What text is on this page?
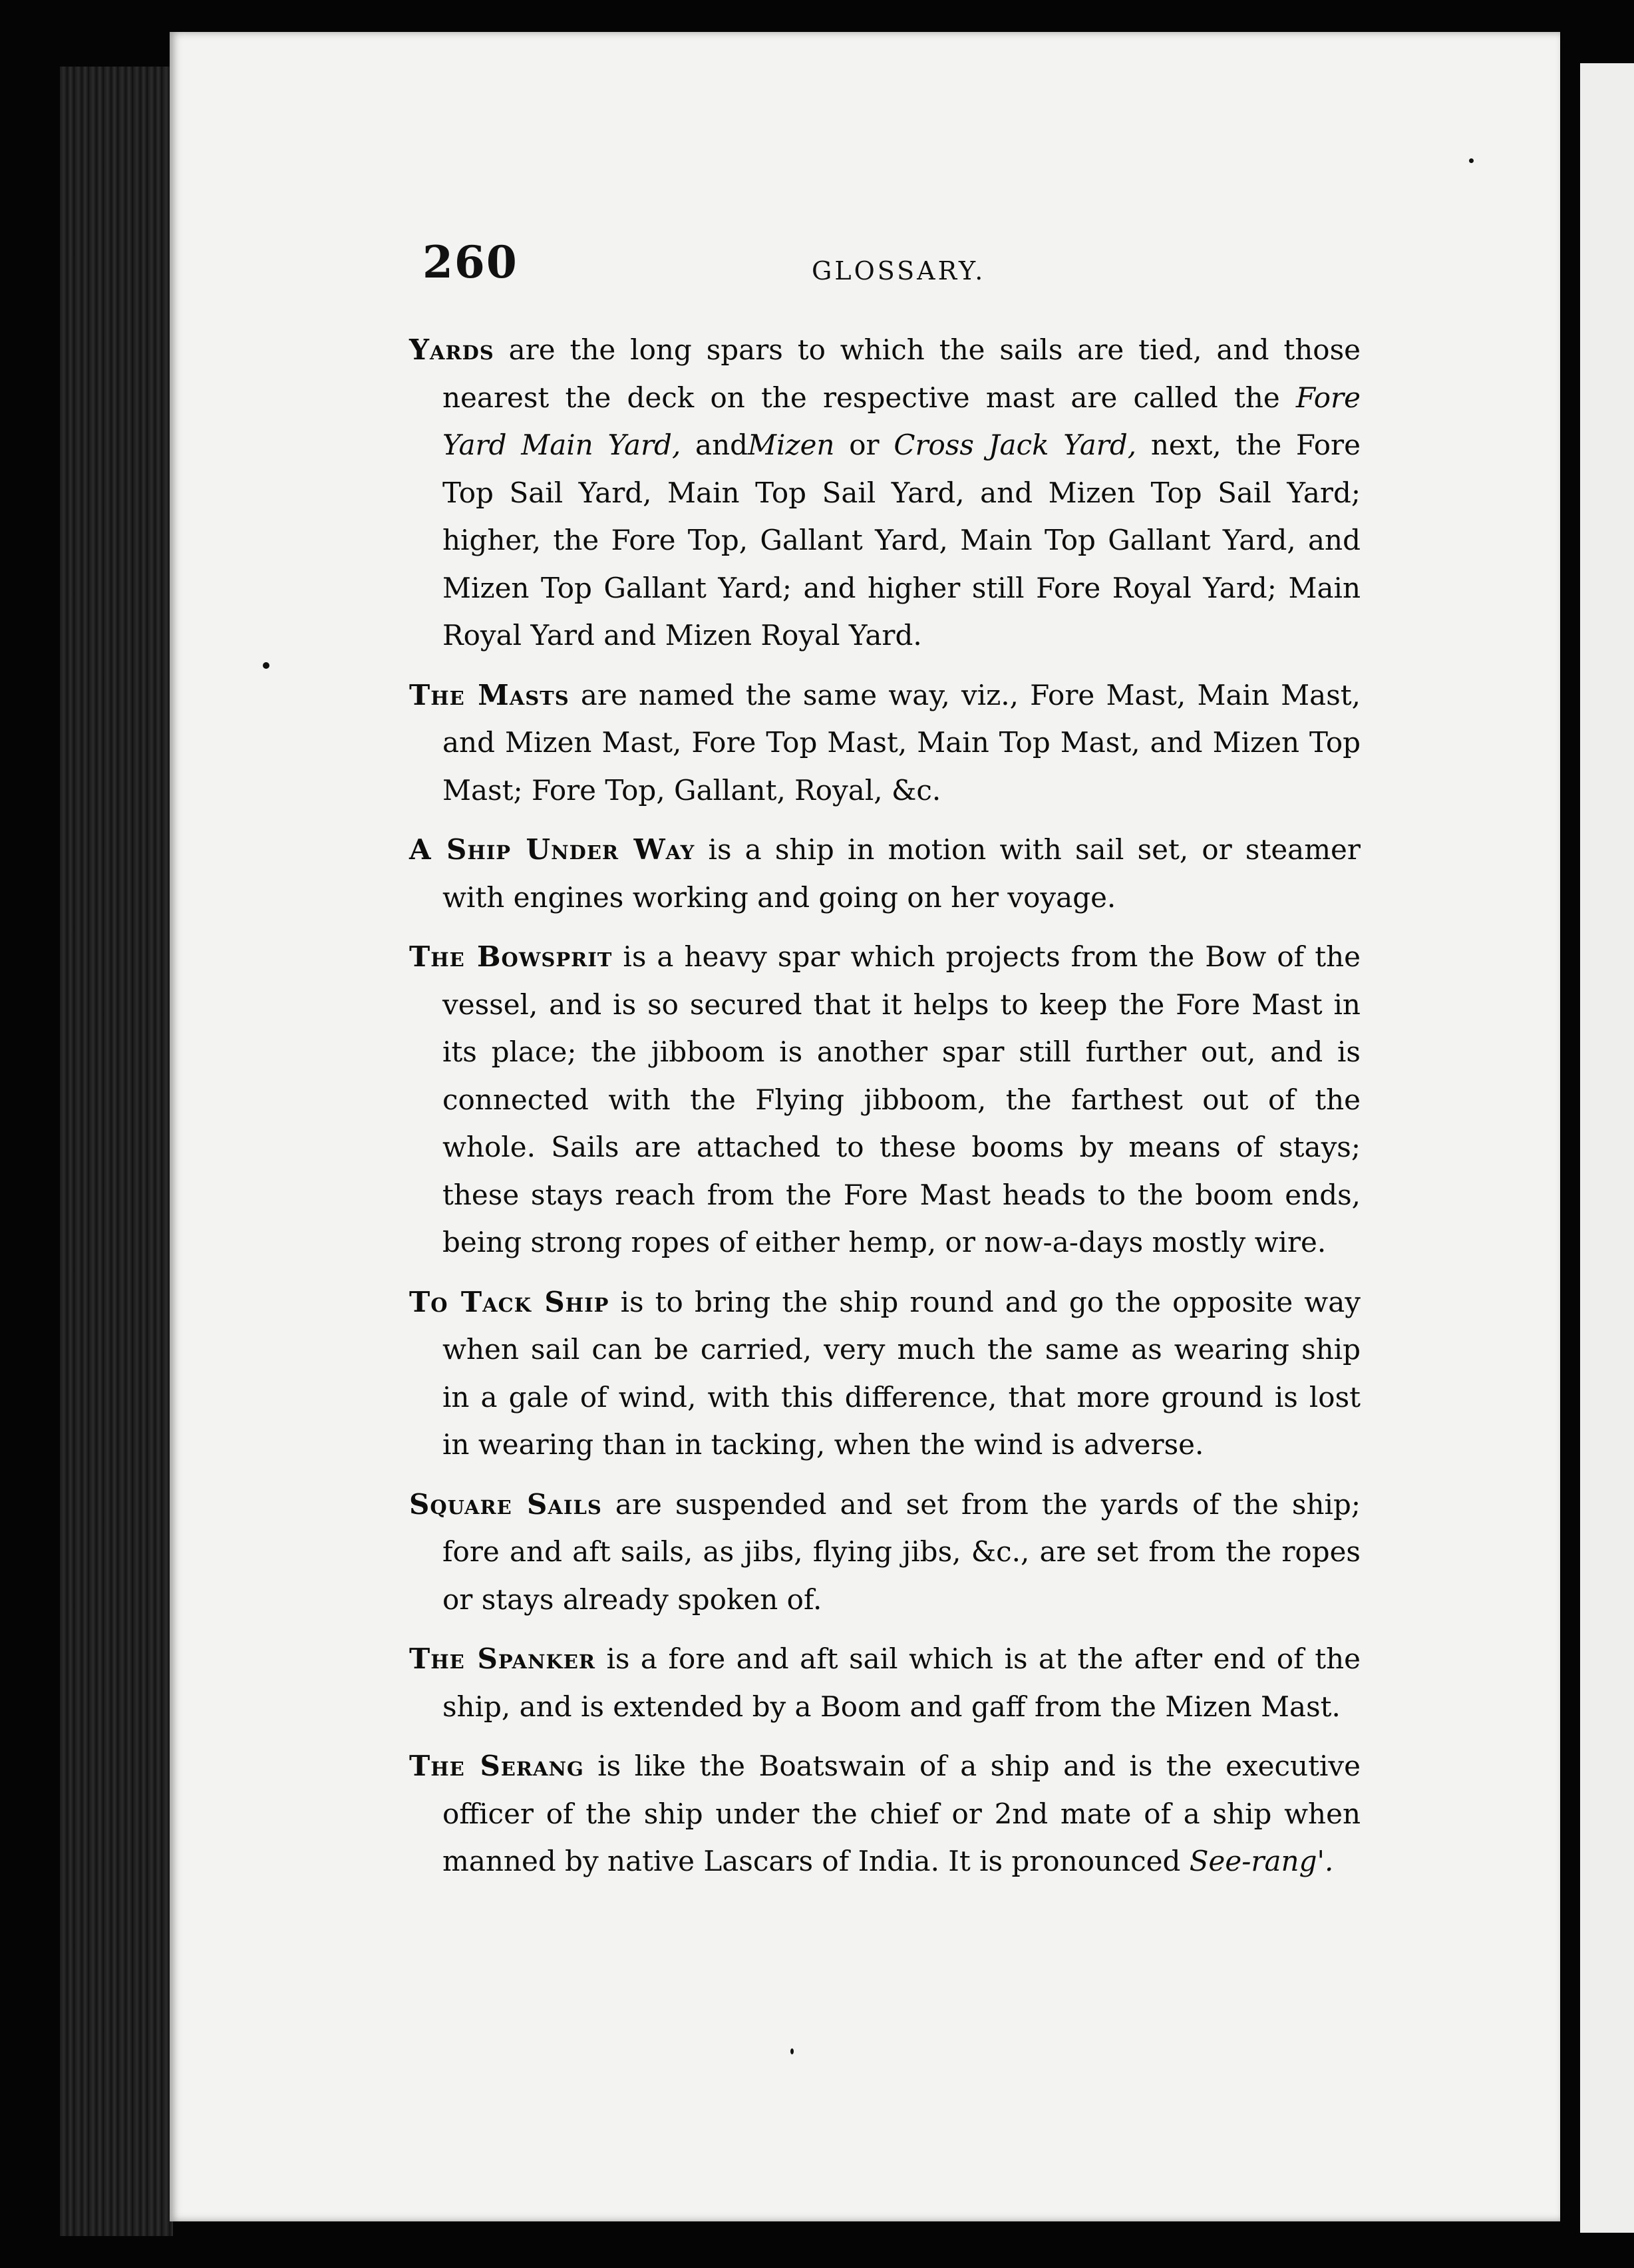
260	GLOSSARY.

Yards are the long spars to which the sails are tied, and those nearest the deck on the respective mast are called the Fore Yard Main Yard, andMizen or Cross Jack Yard, next, the Fore Top Sail Yard, Main Top Sail Yard, and Mizen Top Sail Yard; higher, the Fore Top, Gallant Yard, Main Top Gallant Yard, and Mizen Top Gallant Yard; and higher still Fore Royal Yard; Main Royal Yard and Mizen Royal Yard.

The Masts are named the same way, viz., Fore Mast, Main Mast, and Mizen Mast, Fore Top Mast, Main Top Mast, and Mizen Top Mast; Fore Top, Gallant, Royal, &c.

A Ship Under Way is a ship in motion with sail set, or steamer with engines working and going on her voyage.

The Bowsprit is a heavy spar which projects from the Bow of the vessel, and is so secured that it helps to keep the Fore Mast in its place; the jibboom is another spar still further out, and is connected with the Flying jibboom, the farthest out of the whole. Sails are attached to these booms by means of stays; these stays reach from the Fore Mast heads to the boom ends, being strong ropes of either hemp, or now-a-days mostly wire.

To Tack Ship is to bring the ship round and go the opposite way when sail can be carried, very much the same as wearing ship in a gale of wind, with this difference, that more ground is lost in wearing than in tacking, when the wind is adverse.

Square Sails are suspended and set from the yards of the ship; fore and aft sails, as jibs, flying jibs, &c., are set from the ropes or stays already spoken of.

The Spanker is a fore and aft sail which is at the after end of the ship, and is extended by a Boom and gaff from the Mizen Mast.

The Serang is like the Boatswain of a ship and is the executive officer of the ship under the chief or 2nd mate of a ship when manned by native Lascars of India. It is pronounced See-rang'.
